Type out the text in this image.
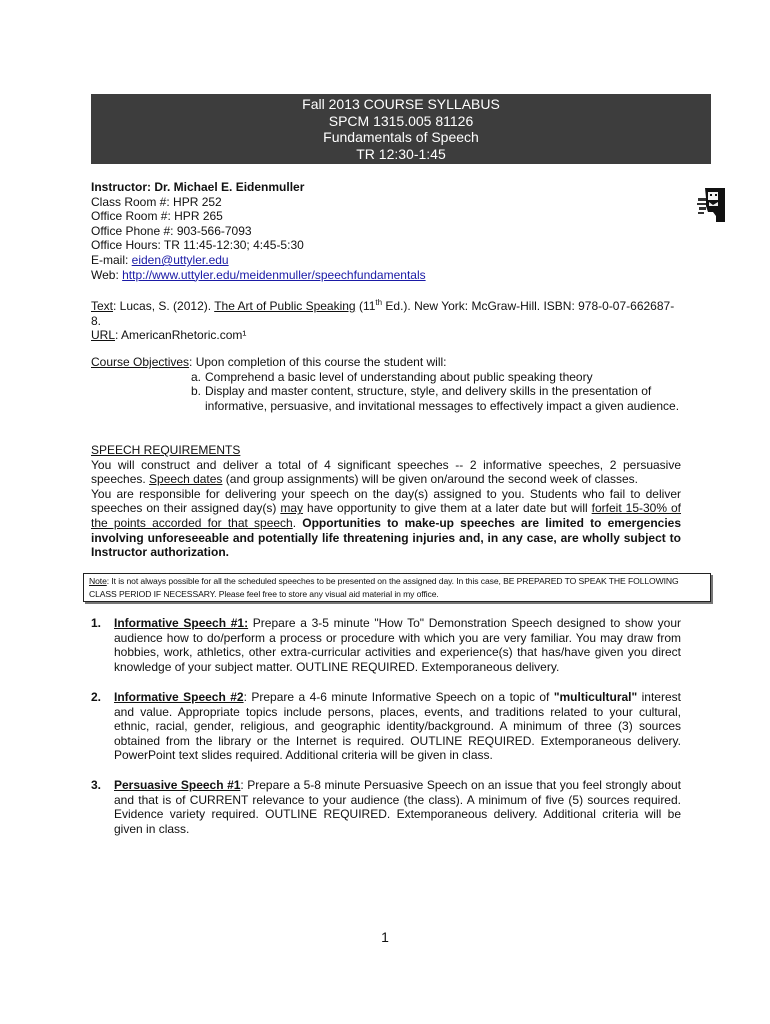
Fall 2013 COURSE SYLLABUS
SPCM 1315.005 81126
Fundamentals of Speech
TR 12:30-1:45
Instructor: Dr. Michael E. Eidenmuller
Class Room #: HPR 252
Office Room #: HPR 265
Office Phone #: 903-566-7093
Office Hours: TR 11:45-12:30; 4:45-5:30
E-mail: eiden@uttyler.edu
Web: http://www.uttyler.edu/meidenmuller/speechfundamentals
Text: Lucas, S. (2012). The Art of Public Speaking (11th Ed.). New York: McGraw-Hill. ISBN: 978-0-07-662687-8.
URL: AmericanRhetoric.com¹
Course Objectives: Upon completion of this course the student will:
a. Comprehend a basic level of understanding about public speaking theory
b. Display and master content, structure, style, and delivery skills in the presentation of informative, persuasive, and invitational messages to effectively impact a given audience.
SPEECH REQUIREMENTS
You will construct and deliver a total of 4 significant speeches -- 2 informative speeches, 2 persuasive speeches. Speech dates (and group assignments) will be given on/around the second week of classes.
You are responsible for delivering your speech on the day(s) assigned to you. Students who fail to deliver speeches on their assigned day(s) may have opportunity to give them at a later date but will forfeit 15-30% of the points accorded for that speech. Opportunities to make-up speeches are limited to emergencies involving unforeseeable and potentially life threatening injuries and, in any case, are wholly subject to Instructor authorization.
Note: It is not always possible for all the scheduled speeches to be presented on the assigned day. In this case, BE PREPARED TO SPEAK THE FOLLOWING CLASS PERIOD IF NECESSARY. Please feel free to store any visual aid material in my office.
1. Informative Speech #1: Prepare a 3-5 minute "How To" Demonstration Speech designed to show your audience how to do/perform a process or procedure with which you are very familiar. You may draw from hobbies, work, athletics, other extra-curricular activities and experience(s) that has/have given you direct knowledge of your subject matter. OUTLINE REQUIRED. Extemporaneous delivery.
2. Informative Speech #2: Prepare a 4-6 minute Informative Speech on a topic of "multicultural" interest and value. Appropriate topics include persons, places, events, and traditions related to your cultural, ethnic, racial, gender, religious, and geographic identity/background. A minimum of three (3) sources obtained from the library or the Internet is required. OUTLINE REQUIRED. Extemporaneous delivery. PowerPoint text slides required. Additional criteria will be given in class.
3. Persuasive Speech #1: Prepare a 5-8 minute Persuasive Speech on an issue that you feel strongly about and that is of CURRENT relevance to your audience (the class). A minimum of five (5) sources required. Evidence variety required. OUTLINE REQUIRED. Extemporaneous delivery. Additional criteria will be given in class.
1
